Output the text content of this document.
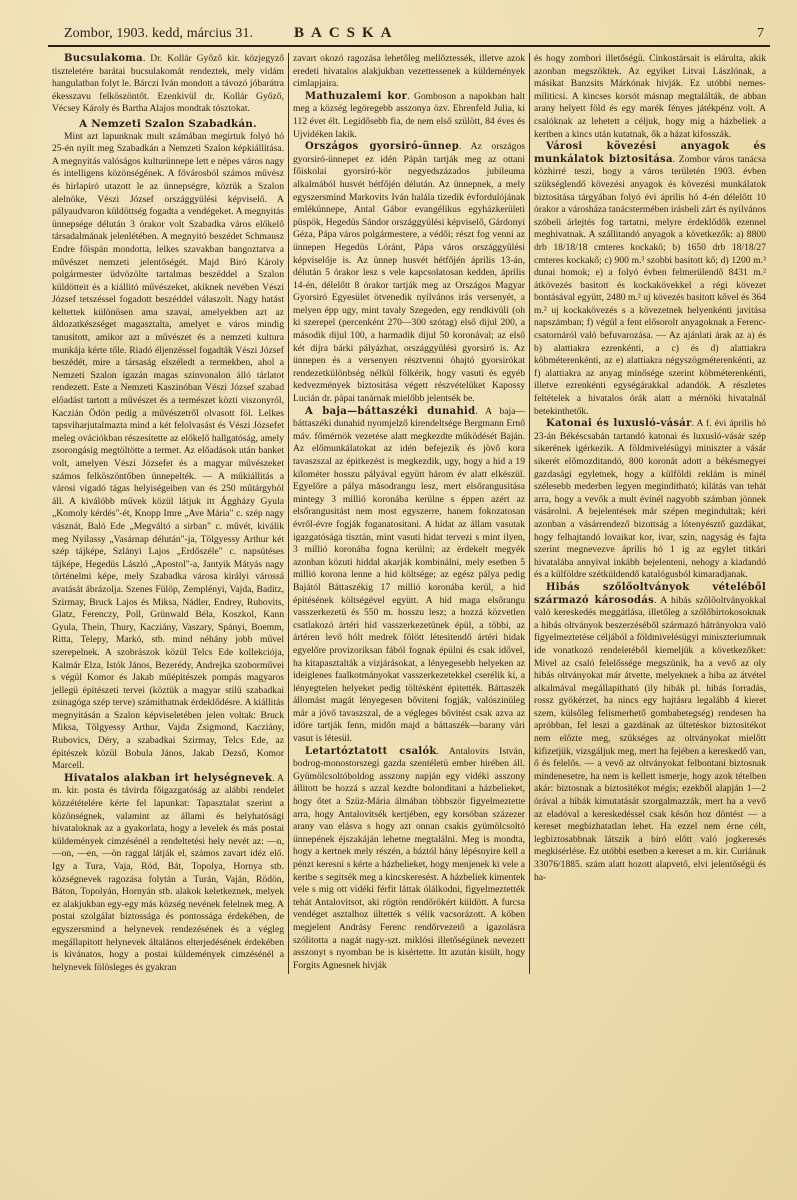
Zombor, 1903. kedd, március 31.	BACSKA	7

Bucsulakoma. Dr. Kollár Győző kir. közjegyző tiszteletére barátai bucsulakomát rendeztek, mely vidám hangulatban folyt le. Bárczi Iván mondott a távozó jóbarátra ékesszavu felköszöntőt. Ezenkivül dr. Kollár Győző, Vécsey Károly és Bartha Alajos mondtak tósztokat.

A Nemzeti Szalon Szabadkán.

Mint azt lapunknak mult számában megirtuk folyó hó 25-én nyilt meg Szabadkán a Nemzeti Szalon képkiállitása. A megnyitás valóságos kulturünnepe lett e népes város nagy és intelligens közönségének. A fővárosból számos művész és hirlapiró utazott le az ünnepségre, köztük a Szalon alelnöke, Vészi József országgyülési képviselő. A pályaudvaron küldöttség fogadta a vendégeket. A megnyitás ünnepsége délután 3 órakor volt Szabadka város előkelő társadalmának jelenlétében. A megnyitó beszédet Schmausz Endre főispán mondotta, lelkes szavakban bangoztatva a művészet nemzeti jelentőségét. Majd Biró Károly polgármester üdvözölte tartalmas beszéddel a Szalon küldötteit és a kiállitó művészeket, akiknek nevében Vészi József tetszéssel fogadott beszéddel válaszolt. Nagy hatást keltettek különösen ama szavai, amelyekben azt az áldozatkészséget magasztalta, amelyet e város mindig tanusitott, amikor azt a művészet és a nemzeti kultura munkája kérte tőle. Riadó éljenzéssel fogadták Vészi József beszédét, mire a társaság elszéledt a termekben, ahol a Nemzeti Szalon igazán magas szinvonalon álló tárlatot rendezett. Este a Nemzeti Kaszinóban Vészi József szabad előadást tartott a művészet és a természet közti viszonyról, Kaczián Ödön pedig a művészetről olvasott föl. Lelkes tapsviharjutalmazta mind a két felolvasást és Vészi Józsefet meleg ovációkban részesitette az előkelő hallgatóság, amely zsorongásig megtöltötte a termet. Az előadások után banket volt, amelyen Vészi Józsefet és a magyar művészeket számos felköszöntőben ünnepelték. — A műkiállitás a városi vigadó tágas helyiségeiben van és 250 műtárgyból áll. A kiválóbb művek közül látjuk itt Ággházy Gyula „Komoly kérdés"-ét, Knopp Imre „Ave Mária" c. szép nagy vásznát, Baló Ede „Megváltó a sirban" c. művét, kiválik meg Nyilassy „Vasárnap délután"-ja, Tölgyessy Arthur két szép tájképe, Szlányi Lajos „Erdőszéle" c. napsütéses tájképe, Hegedüs László „Apostol"-a, Jantyik Mátyás nagy történelmi képe, mely Szabadka városa királyi várossá avatását ábrázolja. Szenes Fülöp, Zemplényi, Vajda, Baditz, Szirmay, Bruck Lajos és Miksa, Nádler, Endrey, Rubovits, Glatz, Ferenczy, Poll, Grünwald Béla, Koszkol, Kann Gyula, Thein, Thury, Kacziány, Vaszary, Spányi, Boemm, Ritta, Telepy, Markó, stb. mind néhány jobb művel szerepelnek. A szobrászok közül Telcs Ede kollekciója, Kalmár Elza, Istók János, Bezerédy, Andrejka szoborművei s végül Komor és Jakab műépitészek pompás magyaros jellegü épitészeti tervei (köztük a magyar stilü szabadkai zsinagóga szép terve) számithatnak érdeklődésre. A kiállitás megnyitásán a Szalon képviseletében jelen voltak: Bruck Miksa, Tölgyessy Arthur, Vajda Zsigmond, Kacziány, Rubovics, Déry, a szabadkai Szirmay, Telcs Ede, az épitészek közül Bobula János, Jakab Dezső, Komor Marcell.

Hivatalos alakban irt helységnevek. A m. kir. posta és távirda főigazgatóság az alábbi rendelet közzétételére kérte fel lapunkat: Tapasztalat szerint a közönségnek, valamint az állami és helyhatósági hivataloknak az a gyakorlata, hogy a levelek és más postai küldemények cimzésénél a rendeltetési hely nevét az: —n, —on, —en, —ön raggal látják el, számos zavart idéz elő. Igy a Tura, Vaja, Röd, Bát, Topolya, Hornya stb. községnevek ragozása folytán a Turán, Vaján, Rödön, Báton, Topolyán, Hornyán stb. alakok keletkeznek, melyek ez alakjukban egy-egy más község nevének felelnek meg. A postai szolgálat biztossága és pontossága érdekében, de egyszersmind a helynevek rendezésének és a végleg megállapitott helynevek általános elterjedésének érdekében is kivánatos, hogy a postai küldemények cimzésénél a helynevek fölösleges és gyakran

zavart okozó ragozása lehetőleg mellőztessék, illetve azok eredeti hivatalos alakjukban vezettessenek a küldemények cimlapjaira.

Mathuzalemi kor. Gomboson a napokban halt meg a község legöregebb asszonya özv. Ehrenfeld Julia, ki 112 évet élt. Legidősebb fia, de nem első szülött, 84 éves és Ujvidéken lakik.

Országos gyorsiró-ünnep. Az országos gyorsiró-ünnepet ez idén Pápán tartják meg az ottani főiskolai gyorsiró-kör negyedszázados jubileuma alkalmából husvét bétfőjén délután. Az ünnepnek, a mely egyszersmind Markovits Iván halála tizedik évfordulójának emlékünnepe, Antal Gábor evangélikus egyházkerületi püspök, Hegedüs Sándor országgyülési képviselő, Gárdonyi Géza, Pápa város polgármestere, a védői; részt fog venni az ünnepen Hegedüs Lóránt, Pápa város országgyülési képviselője is. Az ünnep husvét hétfőjén április 13-án, délután 5 órakor lesz s vele kapcsolatosan kedden, április 14-én, délelőtt 8 órakor tartják meg az Országos Magyar Gyorsiró Egyesület ötvenedik nyilvános irás versenyét, a melyen épp ugy, mint tavaly Szegeden, egy rendkivüli (oh ki szerepel (percenként 270—300 szótag) első dijul 200, a második dijul 100, a harmadik dijul 50 koronával; az első két dijra bárki pályázhat, országgyülési gyorsiró is. Az ünnepen és a versenyen résztvenni óhajtó gyorsirókat rendezetkülönbség nélkül fölkérik, hogy vasuti és egyéb kedvezmények biztositása végett részvételüket Kapossy Lucián dr. pápai tanárnak mielőbb jelentsék be.

A baja—báttaszéki dunahid. A baja—báttaszéki dunahid nyomjelző kirendeltsége Bergmann Ernő máv. főmérnök vezetése alatt megkezdte működését Baján. Az előmunkálatokat az idén befejezik és jövő kora tavaszszal az épitkezést is megkezdik, ugy, hogy a hid a 19 kilométer hosszu pályával együtt három év alatt elkészül. Egyelőre a pálya másodrangu lesz, mert elsőrangusitása mintegy 3 millió koronába kerülne s éppen azért az elsőrangusitást nem most egyszerre, hanem fokozatosan évről-évre fogják foganatositani. A hidat az állam vasutak igazgatósága tisztán, mint vasuti hidat tervezi s mint ilyen, 3 millió koronába fogna kerülni; az érdekelt megyék azonban közuti hiddal akarják kombinálni, mely esetben 5 millió korona lenne a hid költsége; az egész pálya pedig Bajától Báttaszékig 17 millió koronába kerül, a hid épitésének költségével együtt. A hid maga elsőrangu vasszerkezetü és 550 m. hosszu lesz; a hozzá közvetlen csatlakozó ártéri hid vasszerkezetünek épül, a többi, az ártéren levő hólt medrek fölött létesitendő ártéri hidak egyelőre provizoriksan fából fognak épülni és csak idővel, ha kitapasztalták a vizjárásokat, a lényegesebb helyeken az ideiglenes faalkotmányokat vasszerkezetekkel cserélik ki, a lényegtelen helyeket pedig töltésként épitették. Báttaszék állomást magát lényegesen bőviteni fogják, valószinüleg már a jövő tavaszszal, de a végleges bővitést csak azva az idöre tartják fenn, midőn majd a báttaszék—barany vári vasut is létesül.

Letartóztatott csalók. Antalovits István, bodrog-monostorszegi gazda szentéletü ember hirében áll. Gyümölcsoltóboldog asszony napján egy vidéki asszony állitott be hozzá s azzal kezdte bolonditani a házbelieket, hogy őtet a Szüz-Mária álmában többször figyelmeztette arra, hogy Antalovitsék kertjében, egy korsóban százezer arany van elásva s hogy azt onnan csakis gyümölcsoltó ünnepének éjszakáján lehetne megtalálni. Meg is mondta, hogy a kertnek mely részén, a báztól hány lépésnyire kell a pénzt keresni s kérte a házbelieket, hogy menjenek ki vele a kertbe s segitsék meg a kincskeresést. A házbeliek kimentek vele s mig ott vidéki férfit láttak ólálkodni, figyelmeztették tehát Antalovitsot, aki rögtön rendőrökért küldött. A furcsa vendéget asztalhoz ültették s vélik vacsorázott. A köben megjelent Andrásy Ferenc rendőrvezető a igazolásra szólitotta a nagát nagy-szt. miklósi illetőségünek nevezett asszonyt s nyomban be is kisértette. Itt azután kisült, hogy Forgits Agnesnek hivják

és hogy zombori illetőségü. Cinkostársait is elárulta, akik azonban megszöktek. Az egyiket Litvai Lászlónak, a másikat Banzsits Márkónak hivják. Ez utóbbi nemes-militicsi. A kincses korsót másnap megtalálták, de abban arany helyett föld és egy marék fényes játékpénz volt. A csalóknak az lehetett a céljuk, hogy mig a házbeliek a kertben a kincs után kutatnak, ők a házat kifosszák.

Városi kövezési anyagok és munkálatok biztositása. Zombor város tanácsa közhirré teszi, hogy a város területén 1903. évben szükséglendő kövezési anyagok és kövezési munkálatok biztositása tárgyában folyó évi április hó 4-én délelőtt 10 órakor a városháza tanácstermében irásbeli zárt és nyilvános szóbeli árlejtés fog tartatni, melyre érdeklődők ezennel meghivatnak. A szállitandó anyagok a következők: a) 8800 drb 18/18/18 cmteres kockakő; b) 1650 drb 18/18/27 cmteres kockakő; c) 900 m.³ szobbi basitott kő; d) 1200 m.³ dunai homok; e) a folyó évben felmerülendő 8431 m.² átkövezés basitott és kockakövekkel a régi kövezet bontásával együtt, 2480 m.² uj kövezés basitott kővel és 364 m.² uj kockakövezés s a kövezetnek helyenkénti javitása napszámban; f) végül a fent elősorolt anyagoknak a Ferenc-csatornáról való befuvarozása. — Az ajánlati árak az a) és b) alattiakra ezrenkénti, a c) és d) alattiakra köbméterenkénti, az e) alattiakra négyszögméterenkénti, az f) alattiakra az anyag minősége szerint köbméterenkénti, illetve ezrenkénti egységárakkal adandók. A részletes feltételek a hivatalos órák alatt a mérnöki hivatalnál betekinthetők.

Katonai és luxusló-vásár. A f. évi április hó 23-án Békéscsabán tartandó katonai és luxusló-vásár szép sikerének igérkezik. A földmivelésügyi miniszter a vásár sikerét előmozditandó, 800 koronát adott a békésmegyei gazdasági egyletnek, hogy a külföldi reklám is minél szélesebb mederben legyen megindítható; kilátás van tehát arra, hogy a vevők a mult évinél nagyobb számban jönnek vásárolni. A bejelentések már szépen megindultak; kéri azonban a vásárrendező bizottság a lótenyésztő gazdákat, hogy felhajtandó lovaikat kor, ivar, szin, nagyság és fajta szerint megnevezve április hó 1 ig az egylet titkári hivatalába annyival inkább bejelenteni, nehogy a kiadandó és a külföldre szétküldendő katalógusból kimaradjanak.

Hibás szőlőoltványok vételéből származó károsodás. A hibás szőlőoltványokkal való kereskedés meggátlása, illetőleg a szőlőbirtokosoknak a hibás oltványok beszerzéséből származó hátrányokra való figyelmeztetése céljából a földmivelésügyi miniszteriumnak ide vonatkozó rendeletéből kiemeljük a következőket: Mivel az csaló felelőssége megszünik, ha a vevő az oly hibás oltványokat már átvette, melyeknek a hiba az átvétel alkalmával megállapitható (ily hibák pl. hibás forradás, rossz gyökérzet, ha nincs egy hajtásra legalább 4 kieret szem, külsőleg felismerhető gombabetegség) rendesen ha apróbban, fel leszi a gazdának az ültetéskor biztositékot nem előzte meg, szükséges az oltványokat mielőtt kifizetjük, vizsgáljuk meg, mert ha fejében a kereskedő van, ő és felelős. — a vevő az oltványokat felbontani biztosnak mindenesetre, ha nem is kellett ismerje, hogy azok tételben akár: biztosnak a biztositékot mégis; ezekből alapján 1—2 órával a hibák kimutatását szorgalmazzák, mert ha a vevő az eladóval a kereskedéssel csak későn hoz döntést — a kereset megbizhatatlan lehet. Ha ezzel nem érne célt, legbiztosabbnak látszik a biró előtt való jogkeresés megkisérlése. Ez utóbbi esetben a kereset a m. kir. Curiának 33076/1885. szám alatt hozott alapvető, elvi jelentőségü és ha-
